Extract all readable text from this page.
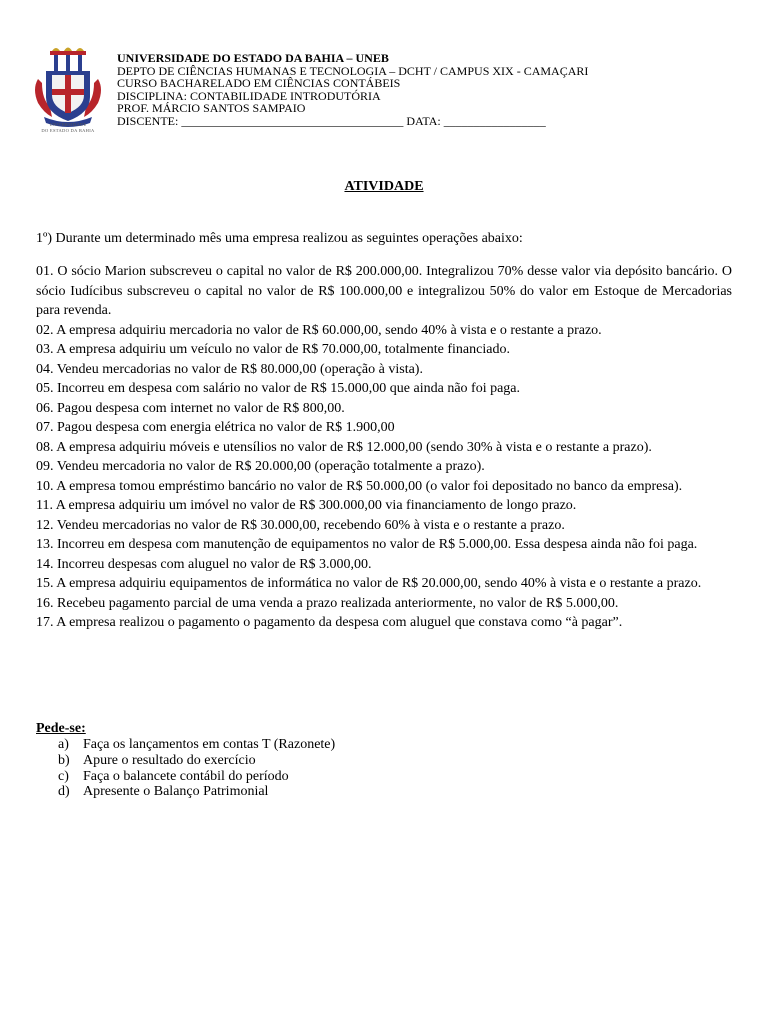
UNIVERSIDADE
DO ESTADO DA BAHIA
UNIVERSIDADE DO ESTADO DA BAHIA – UNEB
DEPTO DE CIÊNCIAS HUMANAS E TECNOLOGIA – DCHT / CAMPUS XIX - CAMAÇARI
CURSO BACHARELADO EM CIÊNCIAS CONTÁBEIS
DISCIPLINA: CONTABILIDADE INTRODUTÓRIA
PROF. MÁRCIO SANTOS SAMPAIO
DISCENTE: _____________________________________ DATA: _________________
ATIVIDADE
1º) Durante um determinado mês uma empresa realizou as seguintes operações abaixo:
01. O sócio Marion subscreveu o capital no valor de R$ 200.000,00. Integralizou 70% desse valor via depósito bancário. O sócio Iudícibus subscreveu o capital no valor de R$ 100.000,00 e integralizou 50% do valor em Estoque de Mercadorias para revenda.
02. A empresa adquiriu mercadoria no valor de R$ 60.000,00, sendo 40% à vista e o restante a prazo.
03. A empresa adquiriu um veículo no valor de R$ 70.000,00, totalmente financiado.
04. Vendeu mercadorias no valor de R$ 80.000,00 (operação à vista).
05. Incorreu em despesa com salário no valor de R$ 15.000,00 que ainda não foi paga.
06. Pagou despesa com internet no valor de R$ 800,00.
07. Pagou despesa com energia elétrica no valor de R$ 1.900,00
08. A empresa adquiriu móveis e utensílios no valor de R$ 12.000,00 (sendo 30% à vista e o restante a prazo).
09. Vendeu mercadoria no valor de R$ 20.000,00 (operação totalmente a prazo).
10. A empresa tomou empréstimo bancário no valor de R$ 50.000,00 (o valor foi depositado no banco da empresa).
11. A empresa adquiriu um imóvel no valor de R$ 300.000,00 via financiamento de longo prazo.
12. Vendeu mercadorias no valor de R$ 30.000,00, recebendo 60% à vista e o restante a prazo.
13. Incorreu em despesa com manutenção de equipamentos no valor de R$ 5.000,00. Essa despesa ainda não foi paga.
14. Incorreu despesas com aluguel no valor de R$ 3.000,00.
15. A empresa adquiriu equipamentos de informática no valor de R$ 20.000,00, sendo 40% à vista e o restante a prazo.
16. Recebeu pagamento parcial de uma venda a prazo realizada anteriormente, no valor de R$ 5.000,00.
17. A empresa realizou o pagamento o pagamento da despesa com aluguel que constava como “à pagar”.
Pede-se:
a) Faça os lançamentos em contas T (Razonete)
b) Apure o resultado do exercício
c) Faça o balancete contábil do período
d) Apresente o Balanço Patrimonial
